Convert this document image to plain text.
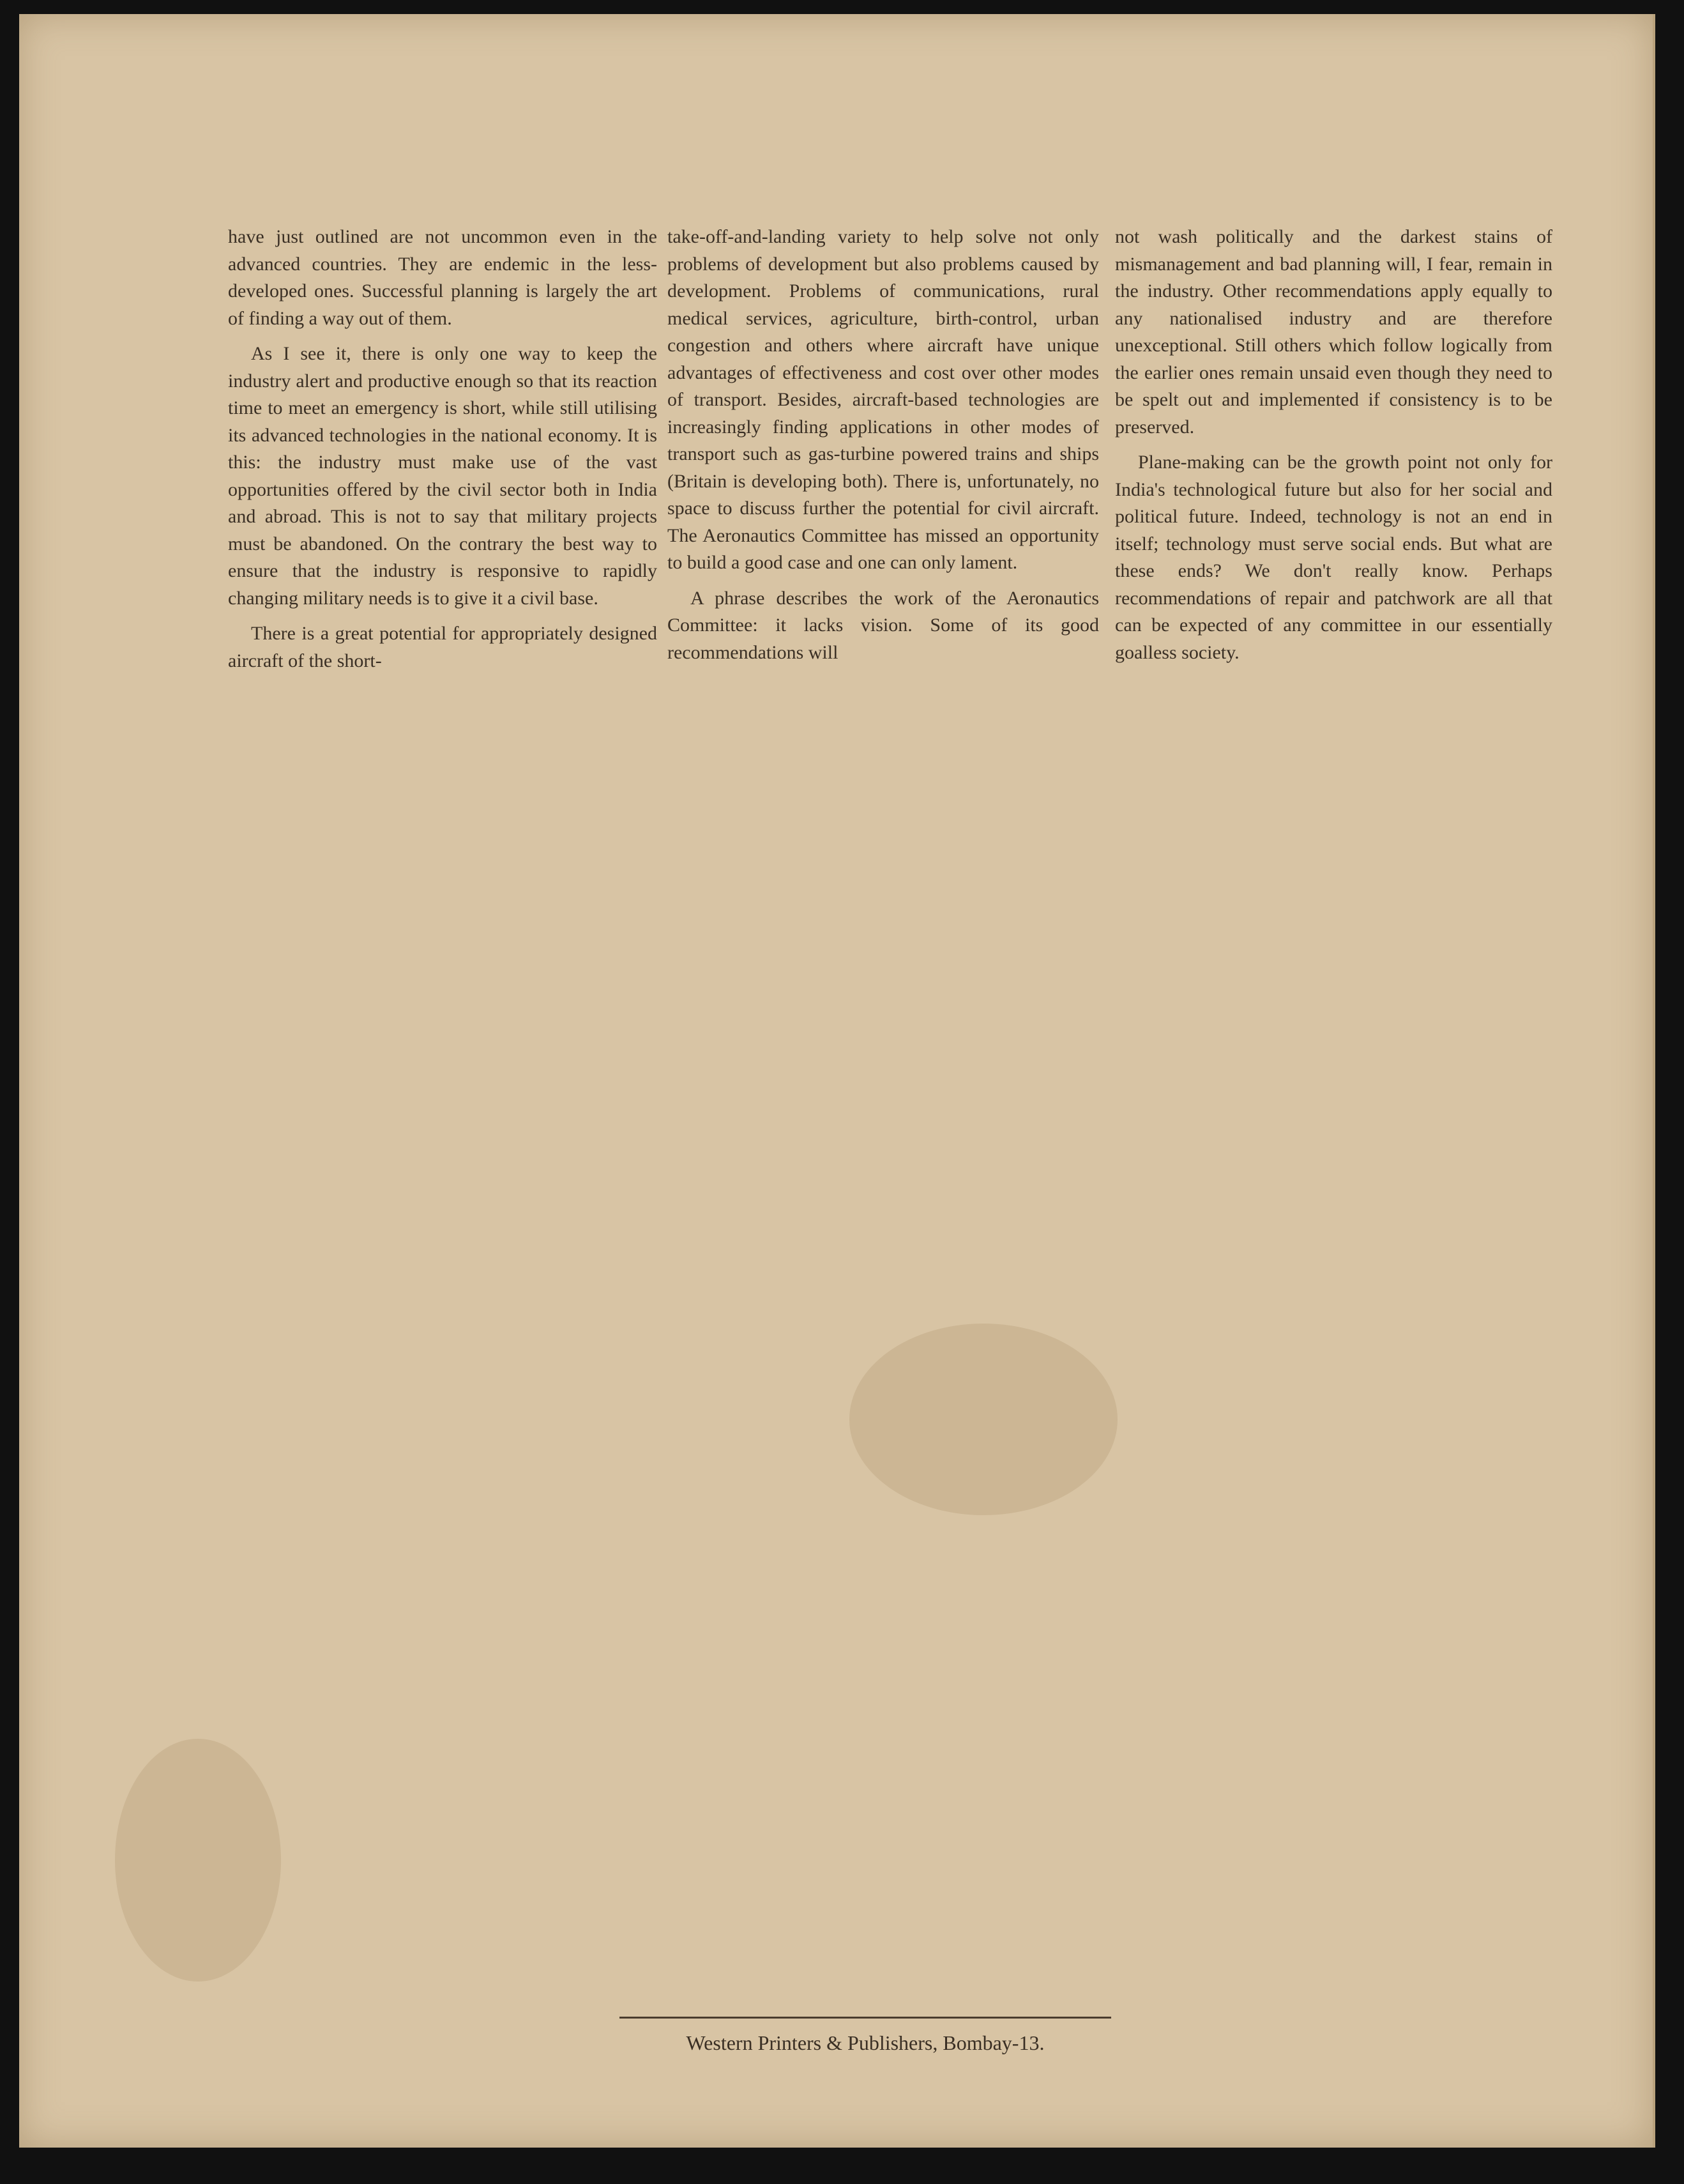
have just outlined are not uncommon even in the advanced countries. They are endemic in the less-developed ones. Successful planning is largely the art of finding a way out of them.

As I see it, there is only one way to keep the industry alert and productive enough so that its reaction time to meet an emergency is short, while still utilising its advanced technologies in the national economy. It is this: the industry must make use of the vast opportunities offered by the civil sector both in India and abroad. This is not to say that military projects must be abandoned. On the contrary the best way to ensure that the industry is responsive to rapidly changing military needs is to give it a civil base.

There is a great potential for appropriately designed aircraft of the short-

take-off-and-landing variety to help solve not only problems of development but also problems caused by development. Problems of communications, rural medical services, agriculture, birth-control, urban congestion and others where aircraft have unique advantages of effectiveness and cost over other modes of transport. Besides, aircraft-based technologies are increasingly finding applications in other modes of transport such as gas-turbine powered trains and ships (Britain is developing both). There is, unfortunately, no space to discuss further the potential for civil aircraft. The Aeronautics Committee has missed an opportunity to build a good case and one can only lament.

A phrase describes the work of the Aeronautics Committee: it lacks vision. Some of its good recommendations will

not wash politically and the darkest stains of mismanagement and bad planning will, I fear, remain in the industry. Other recommendations apply equally to any nationalised industry and are therefore unexceptional. Still others which follow logically from the earlier ones remain unsaid even though they need to be spelt out and implemented if consistency is to be preserved.

Plane-making can be the growth point not only for India's technological future but also for her social and political future. Indeed, technology is not an end in itself; technology must serve social ends. But what are these ends? We don't really know. Perhaps recommendations of repair and patchwork are all that can be expected of any committee in our essentially goalless society.

Western Printers & Publishers, Bombay-13.
